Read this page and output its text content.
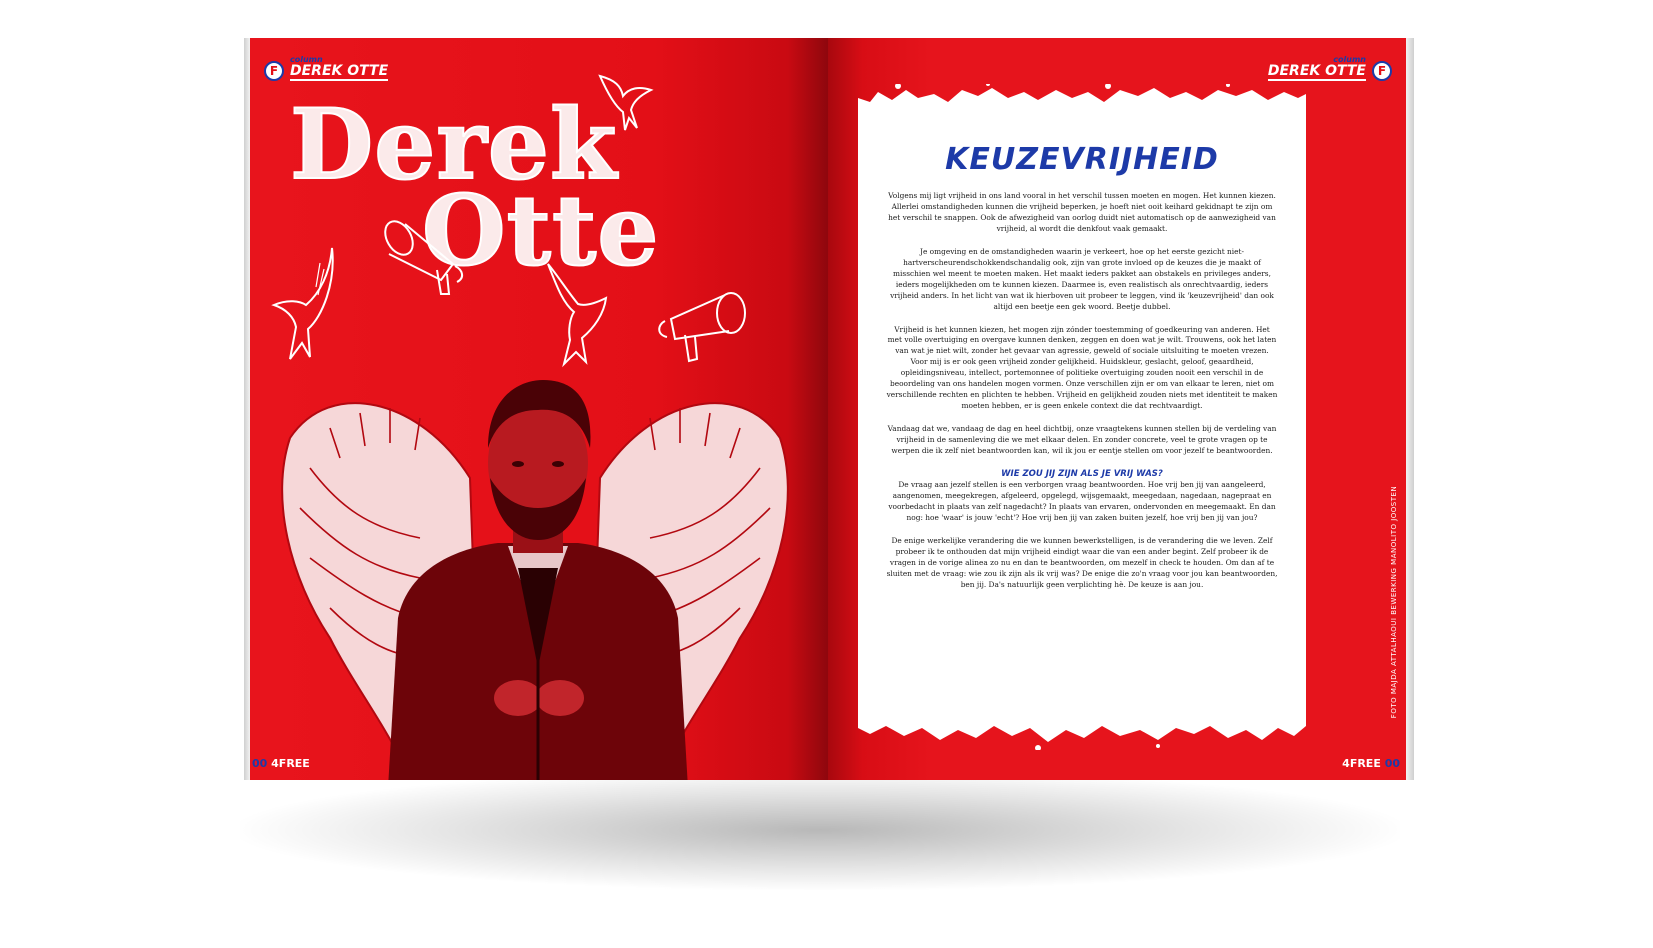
F
column
DEREK OTTE
Derek
Otte
00 4FREE
column
DEREK OTTE F
KEUZEVRIJHEID

Volgens mij ligt vrijheid in ons land vooral in het verschil tussen moeten en mogen. Het kunnen kiezen. Allerlei omstandigheden kunnen die vrijheid beperken, je hoeft niet ooit keihard gekidnapt te zijn om het verschil te snappen. Ook de afwezigheid van oorlog duidt niet automatisch op de aanwezigheid van vrijheid, al wordt die denkfout vaak gemaakt.

Je omgeving en de omstandigheden waarin je verkeert, hoe op het eerste gezicht niet-hartverscheurendschokkendschandalig ook, zijn van grote invloed op de keuzes die je maakt of misschien wel meent te moeten maken. Het maakt ieders pakket aan obstakels en privileges anders, ieders mogelijkheden om te kunnen kiezen. Daarmee is, even realistisch als onrechtvaardig, ieders vrijheid anders. In het licht van wat ik hierboven uit probeer te leggen, vind ik 'keuzevrijheid' dan ook altijd een beetje een gek woord. Beetje dubbel.

Vrijheid is het kunnen kiezen, het mogen zijn zónder toestemming of goedkeuring van anderen. Het met volle overtuiging en overgave kunnen denken, zeggen en doen wat je wilt. Trouwens, ook het laten van wat je niet wilt, zonder het gevaar van agressie, geweld of sociale uitsluiting te moeten vrezen. Voor mij is er ook geen vrijheid zonder gelijkheid. Huidskleur, geslacht, geloof, geaardheid, opleidingsniveau, intellect, portemonnee of politieke overtuiging zouden nooit een verschil in de beoordeling van ons handelen mogen vormen. Onze verschillen zijn er om van elkaar te leren, niet om verschillende rechten en plichten te hebben. Vrijheid en gelijkheid zouden niets met identiteit te maken moeten hebben, er is geen enkele context die dat rechtvaardigt.

Vandaag dat we, vandaag de dag en heel dichtbij, onze vraagtekens kunnen stellen bij de verdeling van vrijheid in de samenleving die we met elkaar delen. En zonder concrete, veel te grote vragen op te werpen die ik zelf niet beantwoorden kan, wil ik jou er eentje stellen om voor jezelf te beantwoorden.

WIE ZOU JIJ ZIJN ALS JE VRIJ WAS?

De vraag aan jezelf stellen is een verborgen vraag beantwoorden. Hoe vrij ben jij van aangeleerd, aangenomen, meegekregen, afgeleerd, opgelegd, wijsgemaakt, meegedaan, nagedaan, nagepraat en voorbedacht in plaats van zelf nagedacht? In plaats van ervaren, ondervonden en meegemaakt. En dan nog: hoe 'waar' is jouw 'echt'? Hoe vrij ben jij van zaken buiten jezelf, hoe vrij ben jij van jou?

De enige werkelijke verandering die we kunnen bewerkstelligen, is de verandering die we leven. Zelf probeer ik te onthouden dat mijn vrijheid eindigt waar die van een ander begint. Zelf probeer ik de vragen in de vorige alinea zo nu en dan te beantwoorden, om mezelf in check te houden. Om dan af te sluiten met de vraag: wie zou ik zijn als ik vrij was? De enige die zo'n vraag voor jou kan beantwoorden, ben jij. Da's natuurlijk geen verplichting hè. De keuze is aan jou.	FOTO MAJDA ATTALHAOUI BEWERKING MANOLITO JOOSTEN
4FREE 00
